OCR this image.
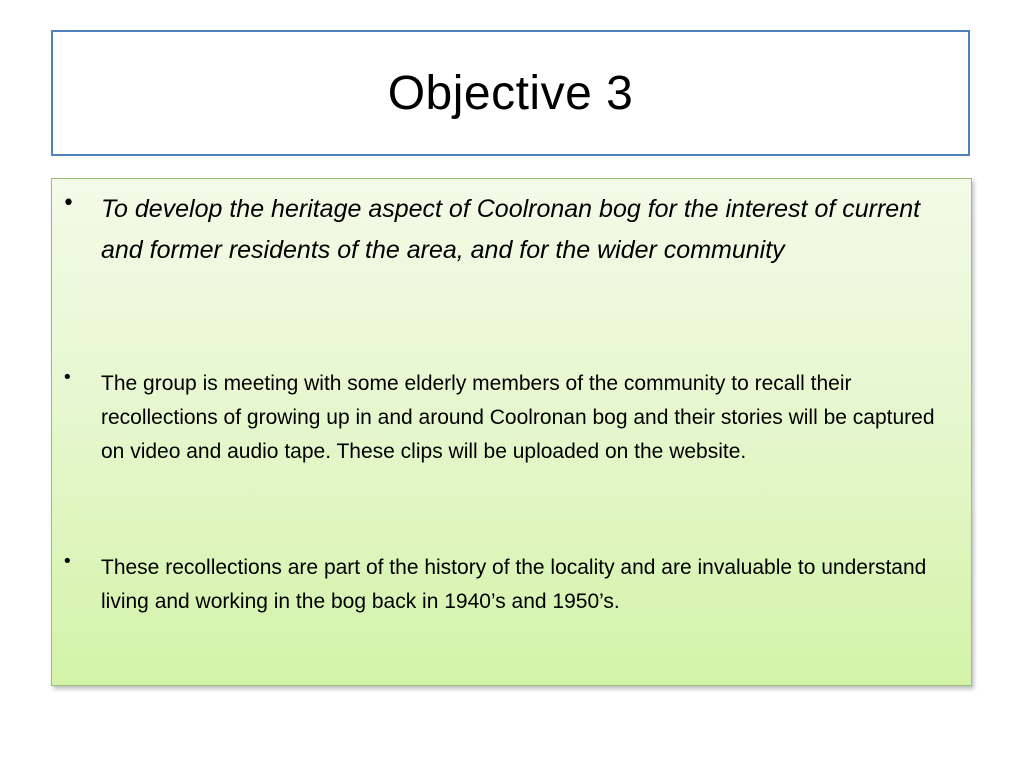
Objective 3
• To develop the heritage aspect of Coolronan bog for the interest of current and former residents of the area, and for the wider community
• The group is meeting with some elderly members of the community to recall their recollections of growing up in and around Coolronan bog and their stories will be captured on video and audio tape. These clips will be uploaded on the website.
• These recollections are part of the history of the locality and are invaluable to understand living and working in the bog back in 1940’s and 1950’s.
